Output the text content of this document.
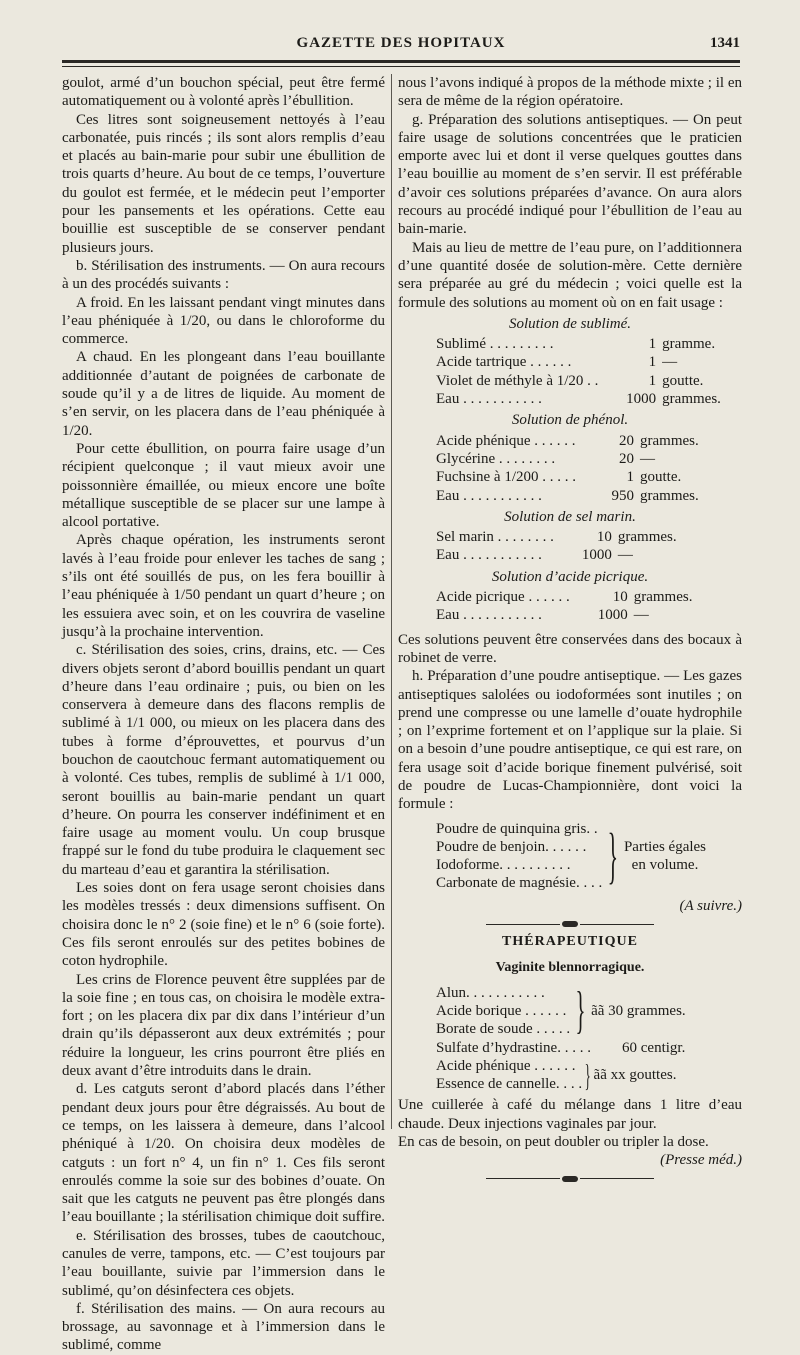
GAZETTE DES HOPITAUX	1341

goulot, armé d’un bouchon spécial, peut être fermé automatiquement ou à volonté après l’ébullition.

Ces litres sont soigneusement nettoyés à l’eau carbonatée, puis rincés ; ils sont alors remplis d’eau et placés au bain-marie pour subir une ébullition de trois quarts d’heure. Au bout de ce temps, l’ouverture du goulot est fermée, et le médecin peut l’emporter pour les pansements et les opérations. Cette eau bouillie est susceptible de se conserver pendant plusieurs jours.

b. Stérilisation des instruments. — On aura recours à un des procédés suivants :

A froid. En les laissant pendant vingt minutes dans l’eau phéniquée à 1/20, ou dans le chloroforme du commerce.

A chaud. En les plongeant dans l’eau bouillante additionnée d’autant de poignées de carbonate de soude qu’il y a de litres de liquide. Au moment de s’en servir, on les placera dans de l’eau phéniquée à 1/20.

Pour cette ébullition, on pourra faire usage d’un récipient quelconque ; il vaut mieux avoir une poissonnière émaillée, ou mieux encore une boîte métallique susceptible de se placer sur une lampe à alcool portative.

Après chaque opération, les instruments seront lavés à l’eau froide pour enlever les taches de sang ; s’ils ont été souillés de pus, on les fera bouillir à l’eau phéniquée à 1/50 pendant un quart d’heure ; on les essuiera avec soin, et on les couvrira de vaseline jusqu’à la prochaine intervention.

c. Stérilisation des soies, crins, drains, etc. — Ces divers objets seront d’abord bouillis pendant un quart d’heure dans l’eau ordinaire ; puis, ou bien on les conservera à demeure dans des flacons remplis de sublimé à 1/1 000, ou mieux on les placera dans des tubes à forme d’éprouvettes, et pourvus d’un bouchon de caoutchouc fermant automatiquement ou à volonté. Ces tubes, remplis de sublimé à 1/1 000, seront bouillis au bain-marie pendant un quart d’heure. On pourra les conserver indéfiniment et en faire usage au moment voulu. Un coup brusque frappé sur le fond du tube produira le claquement sec du marteau d’eau et garantira la stérilisation.

Les soies dont on fera usage seront choisies dans les modèles tressés : deux dimensions suffisent. On choisira donc le n° 2 (soie fine) et le n° 6 (soie forte). Ces fils seront enroulés sur des petites bobines de coton hydrophile.

Les crins de Florence peuvent être supplées par de la soie fine ; en tous cas, on choisira le modèle extra-fort ; on les placera dix par dix dans l’intérieur d’un drain qu’ils dépasseront aux deux extrémités ; pour réduire la longueur, les crins pourront être pliés en deux avant d’être introduits dans le drain.

d. Les catguts seront d’abord placés dans l’éther pendant deux jours pour être dégraissés. Au bout de ce temps, on les laissera à demeure, dans l’alcool phéniqué à 1/20. On choisira deux modèles de catguts : un fort n° 4, un fin n° 1. Ces fils seront enroulés comme la soie sur des bobines d’ouate. On sait que les catguts ne peuvent pas être plongés dans l’eau bouillante ; la stérilisation chimique doit suffire.

e. Stérilisation des brosses, tubes de caoutchouc, canules de verre, tampons, etc. — C’est toujours par l’eau bouillante, suivie par l’immersion dans le sublimé, qu’on désinfectera ces objets.

f. Stérilisation des mains. — On aura recours au brossage, au savonnage et à l’immersion dans le sublimé, comme

nous l’avons indiqué à propos de la méthode mixte ; il en sera de même de la région opératoire.

g. Préparation des solutions antiseptiques. — On peut faire usage de solutions concentrées que le praticien emporte avec lui et dont il verse quelques gouttes dans l’eau bouillie au moment de s’en servir. Il est préférable d’avoir ces solutions préparées d’avance. On aura alors recours au procédé indiqué pour l’ébullition de l’eau au bain-marie.

Mais au lieu de mettre de l’eau pure, on l’additionnera d’une quantité dosée de solution-mère. Cette dernière sera préparée au gré du médecin ; voici quelle est la formule des solutions au moment où on en fait usage :

Solution de sublimé.
Sublimé . . . . . . . . .	1	gramme.
Acide tartrique . . . . . .	1	—
Violet de méthyle à 1/20 . .	1	goutte.
Eau . . . . . . . . . . .	1000	grammes.
Solution de phénol.
Acide phénique . . . . . .	20	grammes.
Glycérine . . . . . . . .	20	—
Fuchsine à 1/200 . . . . .	1	goutte.
Eau . . . . . . . . . . .	950	grammes.
Solution de sel marin.
Sel marin . . . . . . . .	10	grammes.
Eau . . . . . . . . . . .	1000	—
Solution d’acide picrique.
Acide picrique . . . . . .	10	grammes.
Eau . . . . . . . . . . .	1000	—

Ces solutions peuvent être conservées dans des bocaux à robinet de verre.

h. Préparation d’une poudre antiseptique. — Les gazes antiseptiques salolées ou iodoformées sont inutiles ; on prend une compresse ou une lamelle d’ouate hydrophile ; on l’exprime fortement et on l’applique sur la plaie. Si on a besoin d’une poudre antiseptique, ce qui est rare, on fera usage soit d’acide borique finement pulvérisé, soit de poudre de Lucas-Championnière, dont voici la formule :

Poudre de quinquina gris. .
Poudre de benjoin. . . . . .
Iodoforme. . . . . . . . . .
Carbonate de magnésie. . . . } Parties égales
en volume.

(A suivre.)

THÉRAPEUTIQUE
Vaginite blennorragique.
Alun. . . . . . . . . . .
Acide borique . . . . . .
Borate de soude . . . . . } ãã 30 grammes.
Sulfate d’hydrastine. . . . .	60 centigr.
Acide phénique . . . . . .
Essence de cannelle. . . . } ãã xx gouttes.

Une cuillerée à café du mélange dans 1 litre d’eau chaude. Deux injections vaginales par jour.

En cas de besoin, on peut doubler ou tripler la dose.

(Presse méd.)
